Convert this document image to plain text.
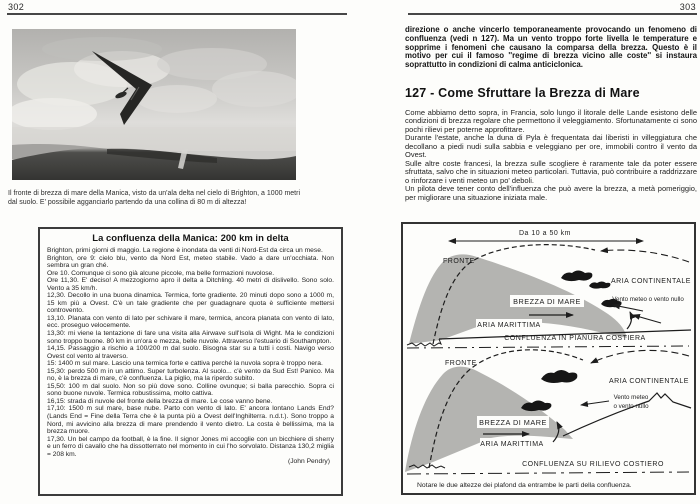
302
Il fronte di brezza di mare della Manica, visto da un'ala delta nel cielo di Brighton, a 1000 metri dal suolo. E' possibile agganciarlo partendo da una collina di 80 m di altezza!
La confluenza della Manica: 200 km in delta
Brighton, primi giorni di maggio. La regione è inondata da venti di Nord-Est da circa un mese.
Brighton, ore 9: cielo blu, vento da Nord Est, meteo stabile. Vado a dare un'occhiata. Non sembra un gran ché.
Ore 10. Comunque ci sono già alcune piccole, ma belle formazioni nuvolose.
Ore 11,30. E' deciso! A mezzogiorno apro il delta a Ditchling. 40 metri di dislivello. Sono solo. Vento a 35 km/h.
12,30. Decollo in una buona dinamica. Termica, forte gradiente. 20 minuti dopo sono a 1000 m, 15 km più a Ovest. C'è un tale gradiente che per guadagnare quota è sufficiente mettersi controvento.
13,10. Planata con vento di lato per schivare il mare, termica, ancora planata con vento di lato, ecc. proseguo velocemente.
13,30: mi viene la tentazione di fare una visita alla Airwave sull'Isola di Wight. Ma le condizioni sono troppo buone. 80 km in un'ora e mezza, belle nuvole. Attraverso l'estuario di Southampton.
14,15. Passaggio a rischio a 100/200 m dal suolo. Bisogna star su a tutti i costi. Navigo verso Ovest col vento al traverso.
15: 1400 m sul mare. Lascio una termica forte e cattiva perché la nuvola sopra è troppo nera.
15,30: perdo 500 m in un attimo. Super turbolenza. Al suolo... c'è vento da Sud Est! Panico. Ma no, è la brezza di mare, c'è confluenza. La piglio, ma la riperdo subito.
15,50: 100 m dal suolo. Non so più dove sono. Colline ovunque; si balla parecchio. Sopra ci sono buone nuvole. Termica robustissima, molto cattiva.
16,15: strada di nuvole del fronte della brezza di mare. Le cose vanno bene.
17,10: 1500 m sul mare, base nube. Parto con vento di lato. E' ancora lontano Lands End? (Lands End = Fine della Terra che è la punta più a Ovest dell'Inghilterra. n.d.t.). Sono troppo a Nord, mi avvicino alla brezza di mare prendendo il vento dietro. La costa è bellissima, ma la brezza muore.
17,30. Un bel campo da football, è la fine. Il signor Jones mi accoglie con un bicchiere di sherry e un ferro di cavallo che ha dissotterrato nel momento in cui l'ho sorvolato. Distanza 130,2 miglia = 208 km.
(John Pendry)
303
direzione o anche vincerlo temporaneamente provocando un fenomeno di confluenza (vedi n 127). Ma un vento troppo forte livella le temperature e sopprime i fenomeni che causano la comparsa della brezza. Questo è il motivo per cui il famoso ''regime di brezza vicino alle coste'' si instaura soprattutto in condizioni di calma anticiclonica.
127 - Come Sfruttare la Brezza di Mare
Come abbiamo detto sopra, in Francia, solo lungo il litorale delle Lande esistono delle condizioni di brezza regolare che permettono il veleggiamento. Sfortunatamente ci sono pochi rilievi per poterne approfittare.
Durante l'estate, anche la duna di Pyla è frequentata dai liberisti in villeggiatura che decollano a piedi nudi sulla sabbia e veleggiano per ore, immobili contro il vento da Ovest.
Sulle altre coste francesi, la brezza sulle scogliere è raramente tale da poter essere sfruttata, salvo che in situazioni meteo particolari. Tuttavia, può contribuire a raddrizzare o rinforzare i venti meteo un po' deboli.
Un pilota deve tener conto dell'influenza che può avere la brezza, a metà pomeriggio, per migliorare una situazione iniziata male.
Da 10 a 50 km
FRONTE
ARIA CONTINENTALE
Vento meteo o vento nullo
BREZZA DI MARE
ARIA MARITTIMA
CONFLUENZA IN PIANURA COSTIERA
FRONTE
ARIA CONTINENTALE
Vento meteo
o vento nullo
BREZZA DI MARE
ARIA MARITTIMA
CONFLUENZA SU RILIEVO COSTIERO
Notare le due altezze dei plafond da entrambe le parti della confluenza.
